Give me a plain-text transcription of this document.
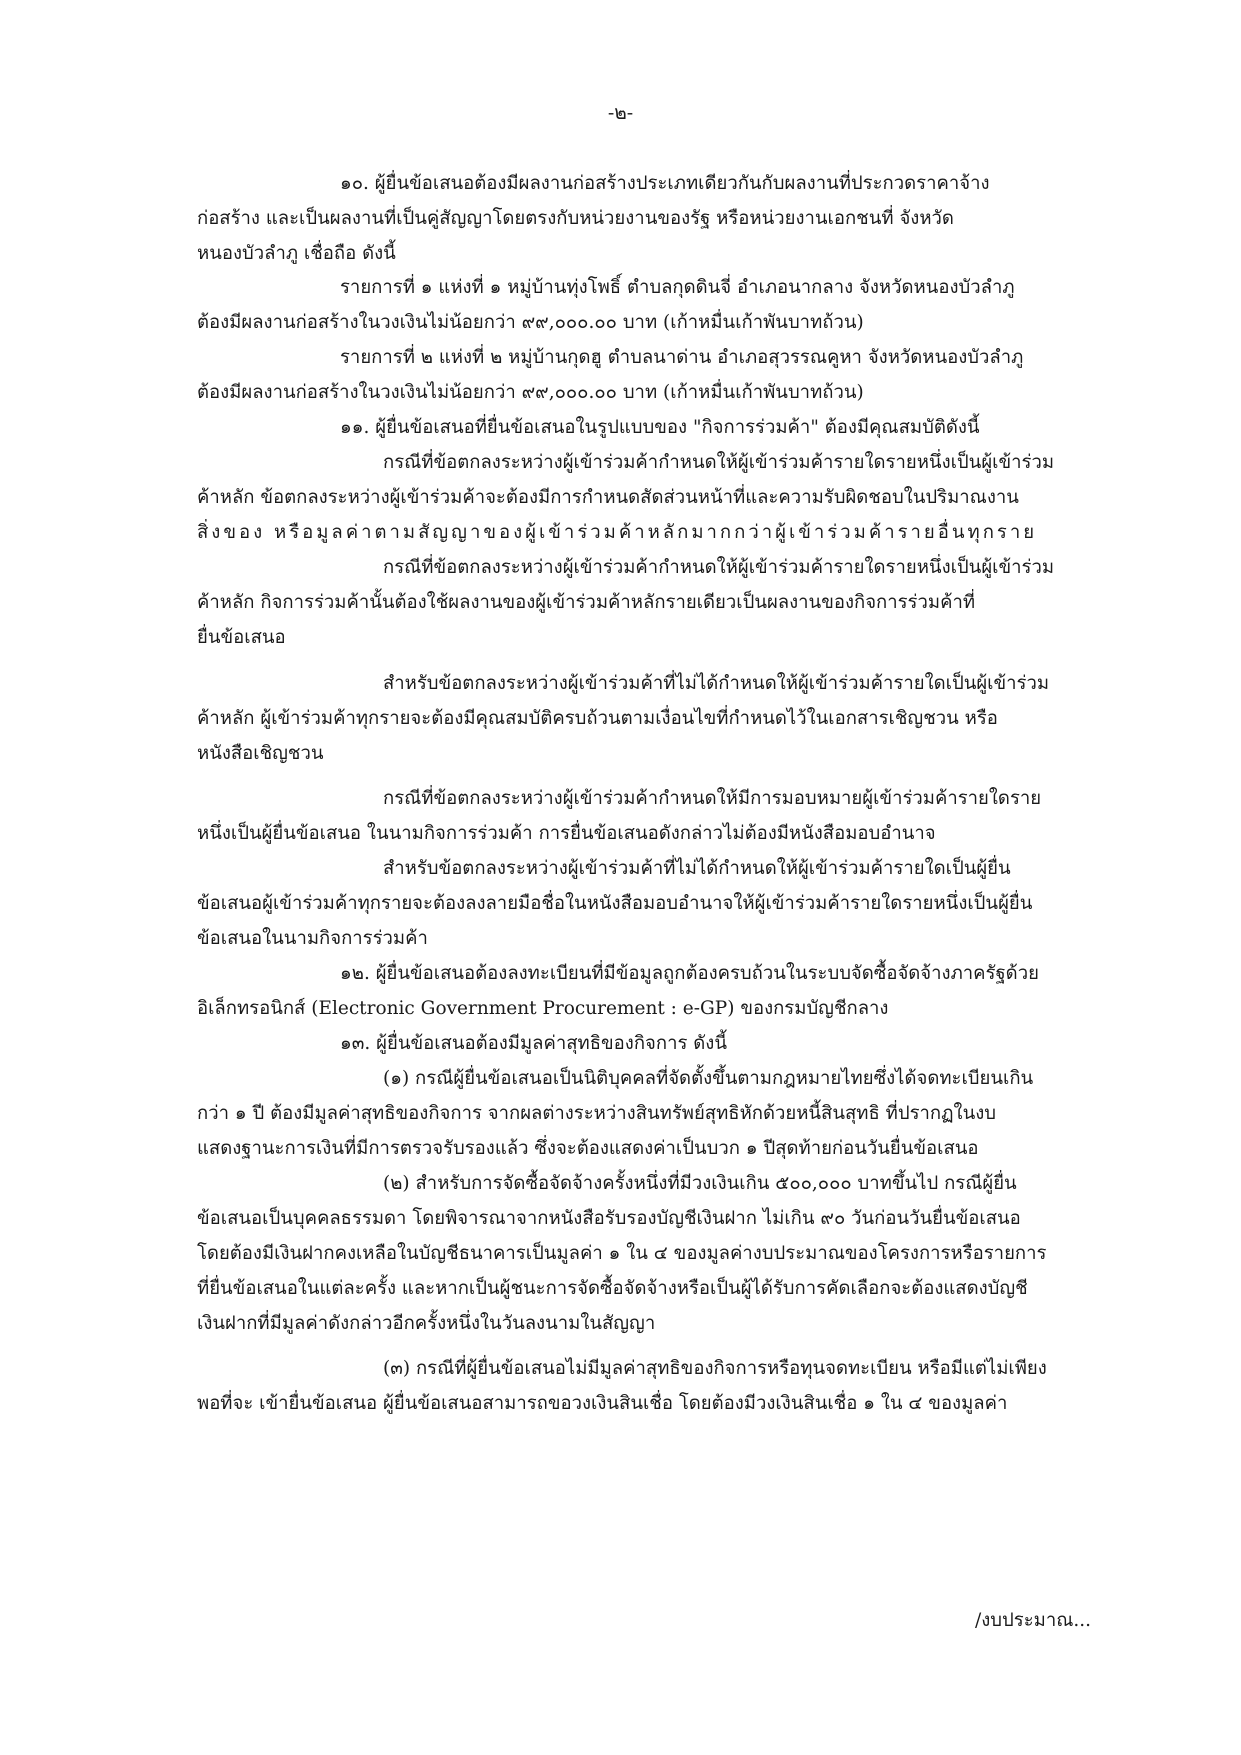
-๒-
๑๐. ผู้ยื่นข้อเสนอต้องมีผลงานก่อสร้างประเภทเดียวกันกับผลงานที่ประกวดราคาจ้าง
ก่อสร้าง และเป็นผลงานที่เป็นคู่สัญญาโดยตรงกับหน่วยงานของรัฐ หรือหน่วยงานเอกชนที่ จังหวัด
หนองบัวลำภู เชื่อถือ ดังนี้
รายการที่ ๑ แห่งที่ ๑ หมู่บ้านทุ่งโพธิ์ ตำบลกุดดินจี่ อำเภอนากลาง จังหวัดหนองบัวลำภู
ต้องมีผลงานก่อสร้างในวงเงินไม่น้อยกว่า ๙๙,๐๐๐.๐๐ บาท (เก้าหมื่นเก้าพันบาทถ้วน)
รายการที่ ๒ แห่งที่ ๒ หมู่บ้านกุดฮู ตำบลนาด่าน อำเภอสุวรรณคูหา จังหวัดหนองบัวลำภู
ต้องมีผลงานก่อสร้างในวงเงินไม่น้อยกว่า ๙๙,๐๐๐.๐๐ บาท (เก้าหมื่นเก้าพันบาทถ้วน)
๑๑. ผู้ยื่นข้อเสนอที่ยื่นข้อเสนอในรูปแบบของ "กิจการร่วมค้า" ต้องมีคุณสมบัติดังนี้
กรณีที่ข้อตกลงระหว่างผู้เข้าร่วมค้ากำหนดให้ผู้เข้าร่วมค้ารายใดรายหนึ่งเป็นผู้เข้าร่วม
ค้าหลัก ข้อตกลงระหว่างผู้เข้าร่วมค้าจะต้องมีการกำหนดสัดส่วนหน้าที่และความรับผิดชอบในปริมาณงาน
สิ่งของ หรือมูลค่าตามสัญญาของผู้เข้าร่วมค้าหลักมากกว่าผู้เข้าร่วมค้ารายอื่นทุกราย
กรณีที่ข้อตกลงระหว่างผู้เข้าร่วมค้ากำหนดให้ผู้เข้าร่วมค้ารายใดรายหนึ่งเป็นผู้เข้าร่วม
ค้าหลัก กิจการร่วมค้านั้นต้องใช้ผลงานของผู้เข้าร่วมค้าหลักรายเดียวเป็นผลงานของกิจการร่วมค้าที่
ยื่นข้อเสนอ
สำหรับข้อตกลงระหว่างผู้เข้าร่วมค้าที่ไม่ได้กำหนดให้ผู้เข้าร่วมค้ารายใดเป็นผู้เข้าร่วม
ค้าหลัก ผู้เข้าร่วมค้าทุกรายจะต้องมีคุณสมบัติครบถ้วนตามเงื่อนไขที่กำหนดไว้ในเอกสารเชิญชวน หรือ
หนังสือเชิญชวน
กรณีที่ข้อตกลงระหว่างผู้เข้าร่วมค้ากำหนดให้มีการมอบหมายผู้เข้าร่วมค้ารายใดราย
หนึ่งเป็นผู้ยื่นข้อเสนอ ในนามกิจการร่วมค้า การยื่นข้อเสนอดังกล่าวไม่ต้องมีหนังสือมอบอำนาจ
สำหรับข้อตกลงระหว่างผู้เข้าร่วมค้าที่ไม่ได้กำหนดให้ผู้เข้าร่วมค้ารายใดเป็นผู้ยื่น
ข้อเสนอผู้เข้าร่วมค้าทุกรายจะต้องลงลายมือชื่อในหนังสือมอบอำนาจให้ผู้เข้าร่วมค้ารายใดรายหนึ่งเป็นผู้ยื่น
ข้อเสนอในนามกิจการร่วมค้า
๑๒. ผู้ยื่นข้อเสนอต้องลงทะเบียนที่มีข้อมูลถูกต้องครบถ้วนในระบบจัดซื้อจัดจ้างภาครัฐด้วย
อิเล็กทรอนิกส์ (Electronic Government Procurement : e-GP) ของกรมบัญชีกลาง
๑๓. ผู้ยื่นข้อเสนอต้องมีมูลค่าสุทธิของกิจการ ดังนี้
(๑) กรณีผู้ยื่นข้อเสนอเป็นนิติบุคคลที่จัดตั้งขึ้นตามกฎหมายไทยซึ่งได้จดทะเบียนเกิน
กว่า ๑ ปี ต้องมีมูลค่าสุทธิของกิจการ จากผลต่างระหว่างสินทรัพย์สุทธิหักด้วยหนี้สินสุทธิ ที่ปรากฏในงบ
แสดงฐานะการเงินที่มีการตรวจรับรองแล้ว ซึ่งจะต้องแสดงค่าเป็นบวก ๑ ปีสุดท้ายก่อนวันยื่นข้อเสนอ
(๒) สำหรับการจัดซื้อจัดจ้างครั้งหนึ่งที่มีวงเงินเกิน ๕๐๐,๐๐๐ บาทขึ้นไป กรณีผู้ยื่น
ข้อเสนอเป็นบุคคลธรรมดา โดยพิจารณาจากหนังสือรับรองบัญชีเงินฝาก ไม่เกิน ๙๐ วันก่อนวันยื่นข้อเสนอ
โดยต้องมีเงินฝากคงเหลือในบัญชีธนาคารเป็นมูลค่า ๑ ใน ๔ ของมูลค่างบประมาณของโครงการหรือรายการ
ที่ยื่นข้อเสนอในแต่ละครั้ง และหากเป็นผู้ชนะการจัดซื้อจัดจ้างหรือเป็นผู้ได้รับการคัดเลือกจะต้องแสดงบัญชี
เงินฝากที่มีมูลค่าดังกล่าวอีกครั้งหนึ่งในวันลงนามในสัญญา
(๓) กรณีที่ผู้ยื่นข้อเสนอไม่มีมูลค่าสุทธิของกิจการหรือทุนจดทะเบียน หรือมีแต่ไม่เพียง
พอที่จะ เข้ายื่นข้อเสนอ ผู้ยื่นข้อเสนอสามารถขอวงเงินสินเชื่อ โดยต้องมีวงเงินสินเชื่อ ๑ ใน ๔ ของมูลค่า
/งบประมาณ...
